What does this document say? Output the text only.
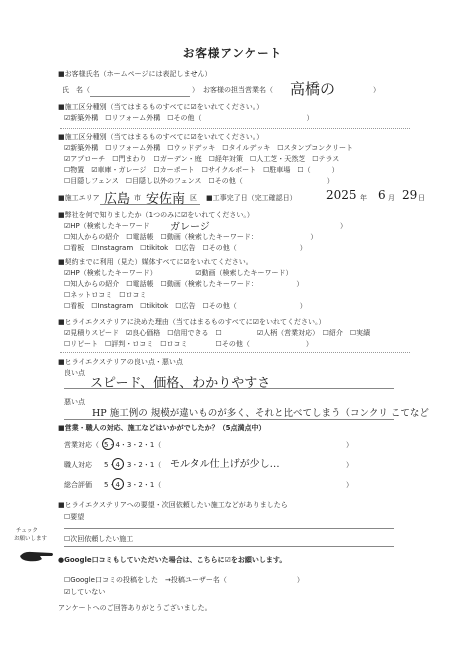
お客様アンケート
■お客様氏名（ホームページには表記しません）
氏　名（	） お客様の担当営業名（ 高橋の	）
■施工区分種別（当てはまるものすべてに☑をいれてください。）
☑新築外構　☐リフォーム外構　☐その他（　　　　　　　　　　　　　　　）
■施工区分種別（当てはまるものすべてに☑をいれてください。）
☑新築外構　☐リフォーム外構　☐ウッドデッキ　☐タイルデッキ　☐スタンプコンクリート
☑アプローチ　☐門まわり　☐ガーデン・庭　☐経年対策　☐人工芝・天然芝　☐テラス
☐物置　☑車庫・ガレージ　☐カーポート　☐サイクルポート　☐駐車場　☐（　　　）
☐目隠しフェンス　☐目隠し以外のフェンス　☐その他（　　　　　　　　　　　　）
■施工エリア 広島 市 安佐南 区 ■工事完了日（完工確認日） 2025 年 6 月 29 日
■弊社を何で知りましたか（1つのみに☑をいれてください。）
☑HP（検索したキーワード ガレージ	）
☐知人からの紹介　☐電話帳　☐動画（検索したキーワード：　　　　　　　　）
☐看板　☐Instagram　☐tikitok　☐広告　☐その他（　　　　　　　　　）
■契約までに利用（見た）媒体すべてに☑をいれてください。
☑HP（検索したキーワード）　　　　　　☑動画（検索したキーワード）
☐知人からの紹介　☐電話帳　☐動画（検索したキーワード：　　　　　　）
☐ネットロコミ　☐ロコミ
☐看板　☐Instagram　☐tikitok　☐広告　☐その他（　　　　　　　　　）
■ヒライエクステリアに決めた理由（当てはまるものすべてに☑をいれてください。）
☑見積りスピード　☑良心価格　☐信用できる　☐　　　　　☑人柄（営業対応）　☐紹介　☐実績
☐リピート　☐評判・ロコミ　☐ロコミ　　　　☐その他（　　　　　　　　）
■ヒライエクステリアの良い点・悪い点
良い点
スピード、価格、わかりやすさ
悪い点
HP 施工例の 規模が違いものが多く、それと比べてしまう（コンクリ こてなど
■営業・職人の対応、施工などはいかがでしたか？（5点満点中）
営業対応（ 5・4・3・2・1（	）
職人対応 5・4・3・2・1（ モルタル仕上げが少し…	）
総合評価 5・4・3・2・1（	）
■ヒライエクステリアへの要望・次回依頼したい施工などがありましたら
☐要望
☐次回依頼したい施工
チェック
お願いします
●Google口コミもしていただいた場合は、こちらに☑をお願いします。
☐Google口コミの投稿をした　→投稿ユーザー名（　　　　　　　　　　）
☑していない
アンケートへのご回答ありがとうございました。
